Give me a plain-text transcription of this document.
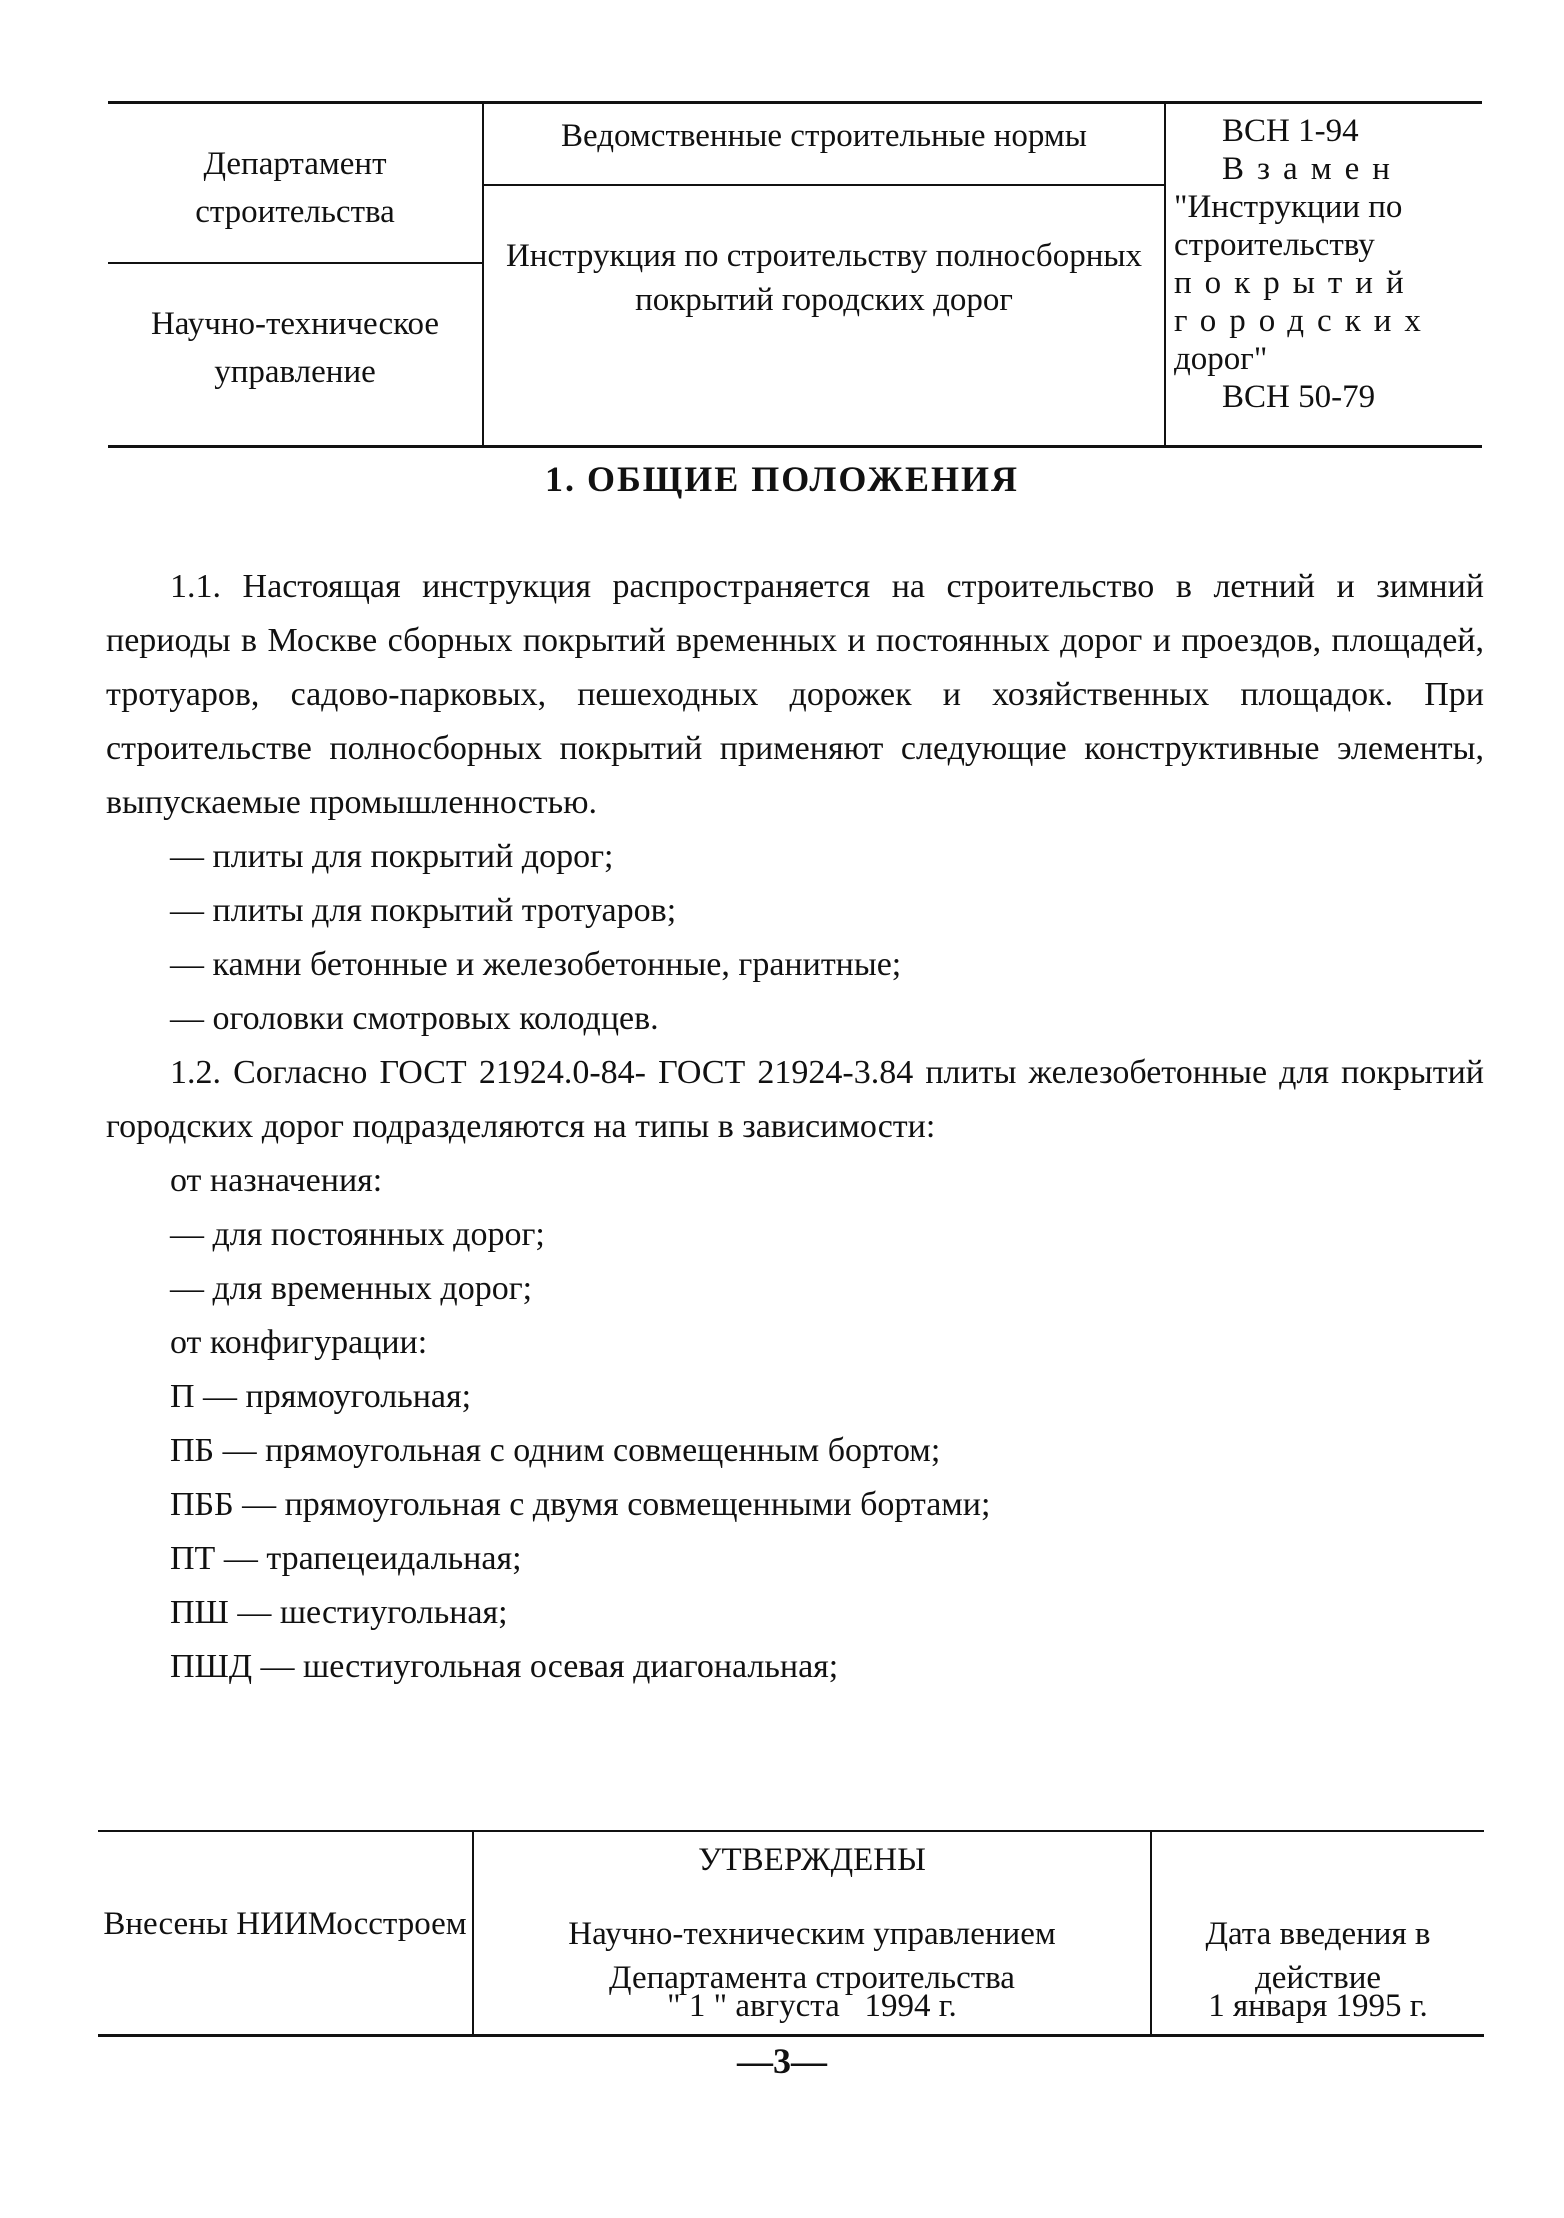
Департамент строительства
Научно-техническое управление
Ведомственные строительные нормы
Инструкция по строительству полносборных покрытий городских дорог
ВСН 1-94
Взамен
"Инструкции по
строительству
покрытий
городских
дорог"
ВСН 50-79
1. ОБЩИЕ ПОЛОЖЕНИЯ

1.1. Настоящая инструкция распространяется на строительство в летний и зимний периоды в Москве сборных покрытий временных и постоянных дорог и проездов, площадей, тротуаров, садово-парковых, пешеходных дорожек и хозяйственных площадок. При строительстве полносборных покрытий применяют следующие конструктивные элементы, выпускаемые промышленностью.

— плиты для покрытий дорог;

— плиты для покрытий тротуаров;

— камни бетонные и железобетонные, гранитные;

— оголовки смотровых колодцев.

1.2. Согласно ГОСТ 21924.0-84- ГОСТ 21924-3.84 плиты железобетонные для покрытий городских дорог подразделяются на типы в зависимости:

от назначения:

— для постоянных дорог;

— для временных дорог;

от конфигурации:

П — прямоугольная;

ПБ — прямоугольная с одним совмещенным бортом;

ПББ — прямоугольная с двумя совмещенными бортами;

ПТ — трапецеидальная;

ПШ — шестиугольная;

ПШД — шестиугольная осевая диагональная;

Внесены НИИМосстроем
УТВЕРЖДЕНЫ
Научно-техническим управлением Департамента строительства
" 1 " августа   1994 г.
Дата введения в действие
1 января 1995 г.
—3—
